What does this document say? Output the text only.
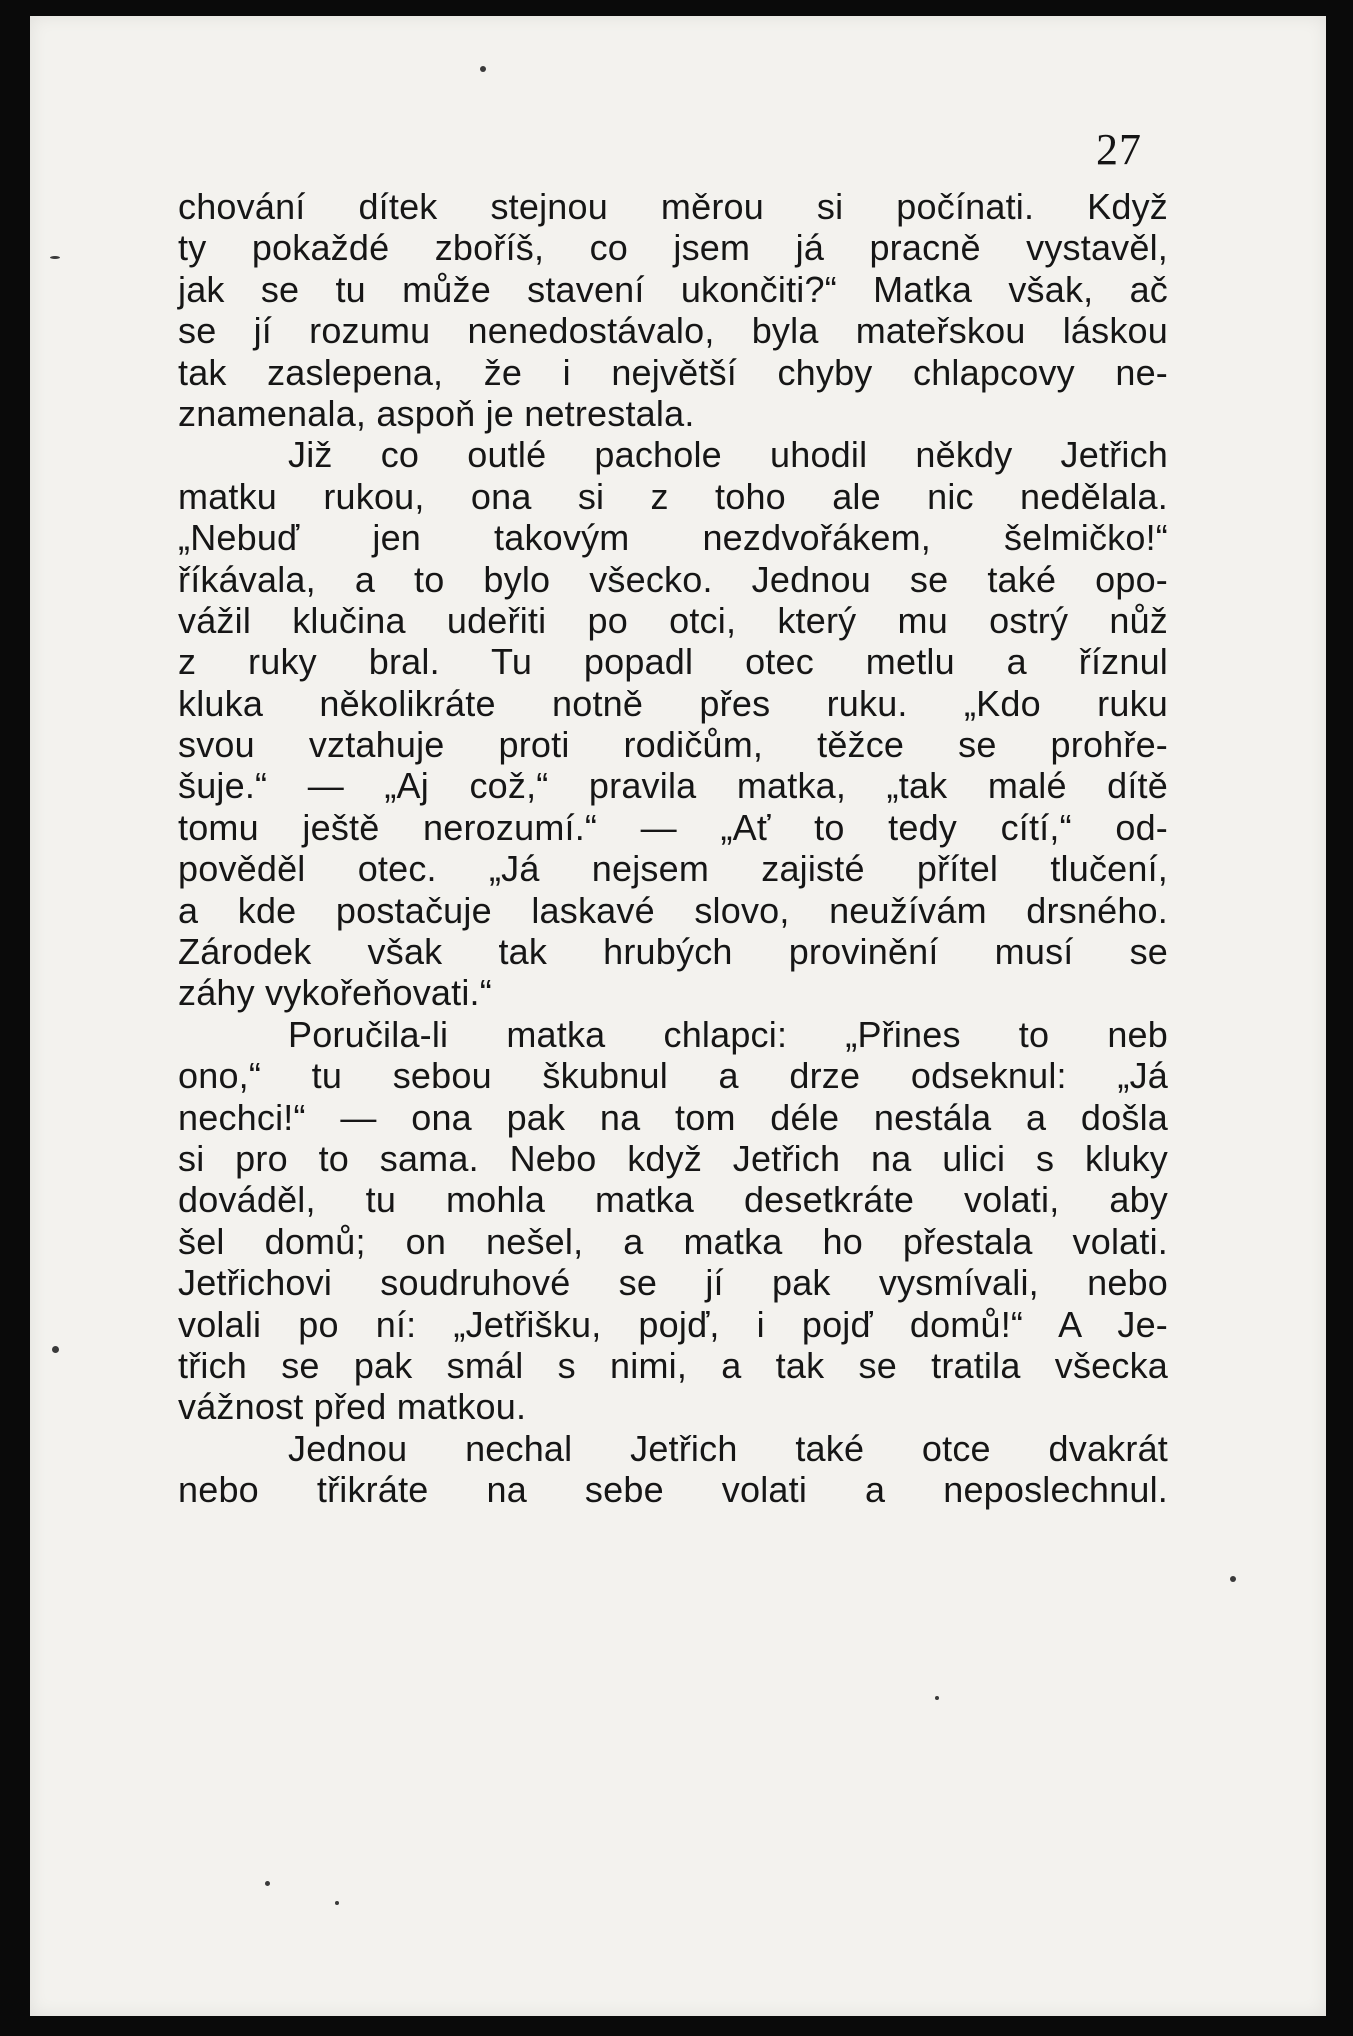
27
chování dítek stejnou měrou si počínati. Když
ty pokaždé zboříš, co jsem já pracně vystavěl,
jak se tu může stavení ukončiti?“ Matka však, ač
se jí rozumu nenedostávalo, byla mateřskou láskou
tak zaslepena, že i největší chyby chlapcovy ne-
znamenala, aspoň je netrestala.
Již co outlé pachole uhodil někdy Jetřich
matku rukou, ona si z toho ale nic nedělala.
„Nebuď jen takovým nezdvořákem, šelmičko!“
říkávala, a to bylo všecko. Jednou se také opo-
vážil klučina udeřiti po otci, který mu ostrý nůž
z ruky bral. Tu popadl otec metlu a říznul
kluka několikráte notně přes ruku. „Kdo ruku
svou vztahuje proti rodičům, těžce se prohře-
šuje.“ — „Aj což,“ pravila matka, „tak malé dítě
tomu ještě nerozumí.“ — „Ať to tedy cítí,“ od-
pověděl otec. „Já nejsem zajisté přítel tlučení,
a kde postačuje laskavé slovo, neužívám drsného.
Zárodek však tak hrubých provinění musí se
záhy vykořeňovati.“
Poručila-li matka chlapci: „Přines to neb
ono,“ tu sebou škubnul a drze odseknul: „Já
nechci!“ — ona pak na tom déle nestála a došla
si pro to sama. Nebo když Jetřich na ulici s kluky
dováděl, tu mohla matka desetkráte volati, aby
šel domů; on nešel, a matka ho přestala volati.
Jetřichovi soudruhové se jí pak vysmívali, nebo
volali po ní: „Jetřišku, pojď, i pojď domů!“ A Je-
třich se pak smál s nimi, a tak se tratila všecka
vážnost před matkou.
Jednou nechal Jetřich také otce dvakrát
nebo třikráte na sebe volati a neposlechnul.
